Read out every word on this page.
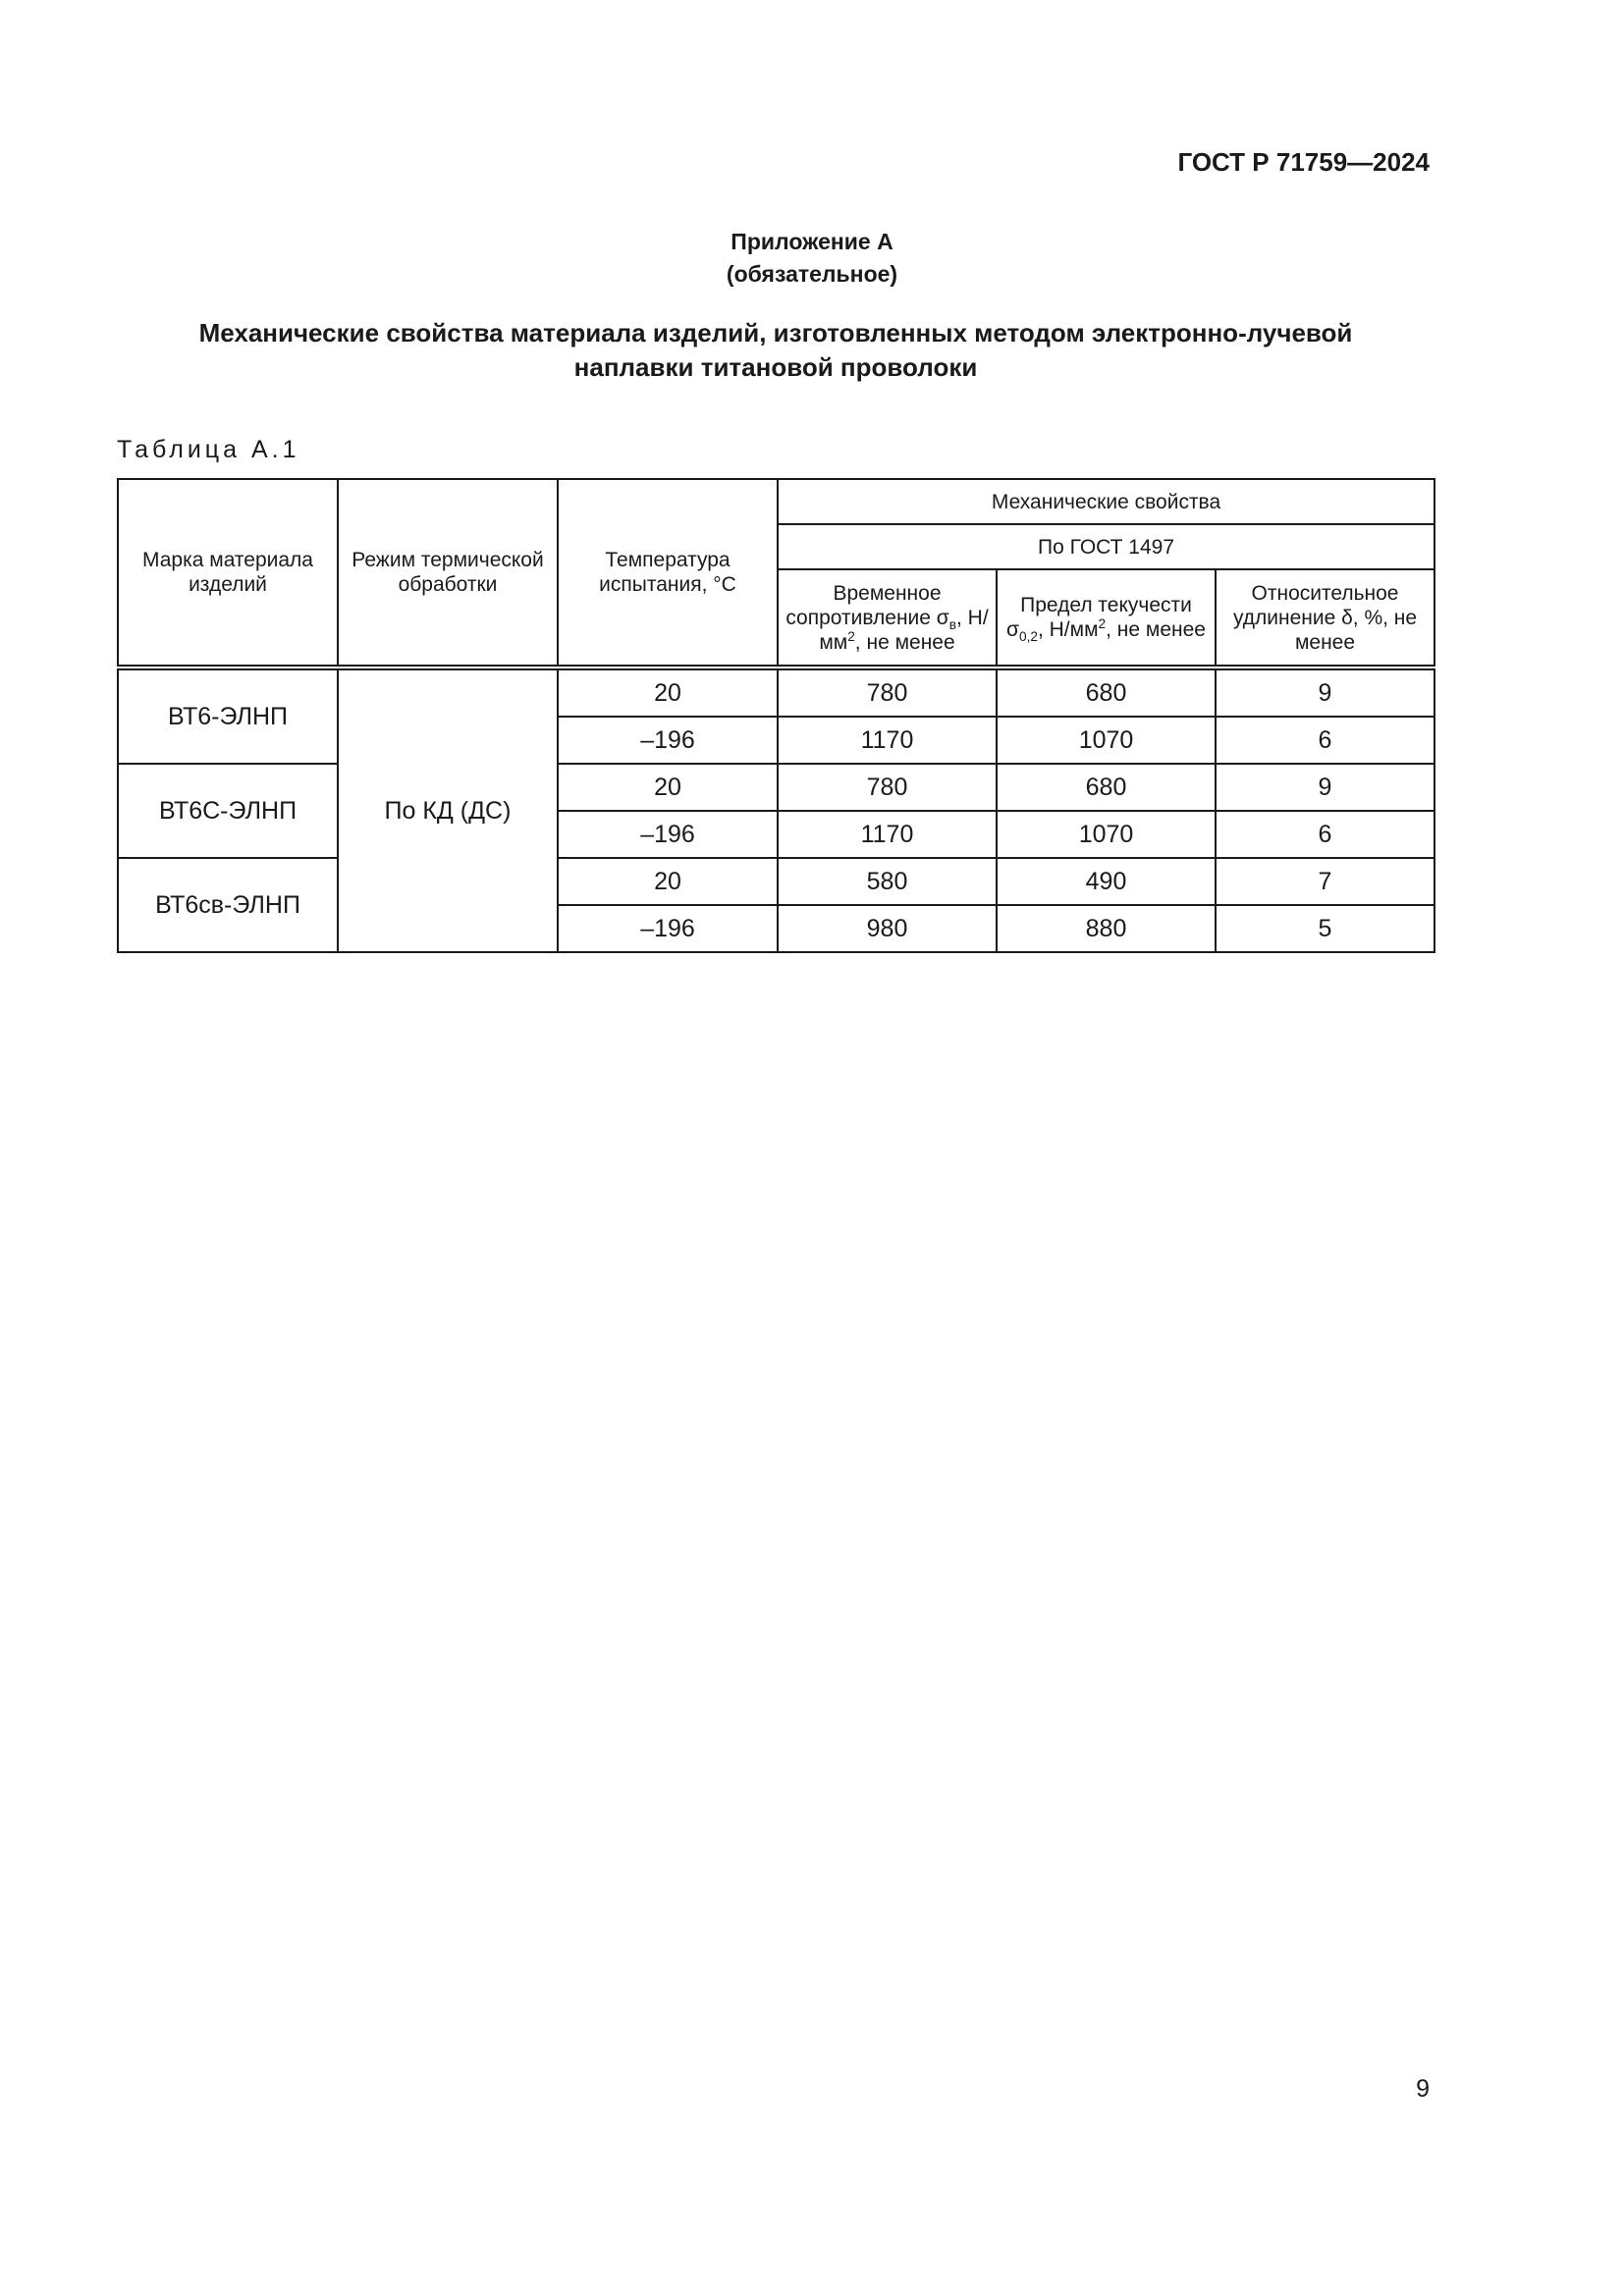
ГОСТ Р 71759—2024
Приложение А
(обязательное)
Механические свойства материала изделий, изготовленных методом электронно-лучевой
наплавки титановой проволоки
Таблица А.1
Марка материала изделий	Режим термической обработки	Температура испытания, °С	Механические свойства		
			По ГОСТ 1497		
			Временное сопротивление $\sigma_в$, $Н/мм^2$, не менее	Предел текучести $\sigma_{0,2}$, $Н/мм^2$, не менее	Относительное удлинение δ, %, не менее
ВТ6-ЭЛНП	По КД (ДС)	20	780	680	9
		–196	1170	1070	6
ВТ6С-ЭЛНП		20	780	680	9
		–196	1170	1070	6
ВТ6св-ЭЛНП		20	580	490	7
		–196	980	880	5
9
